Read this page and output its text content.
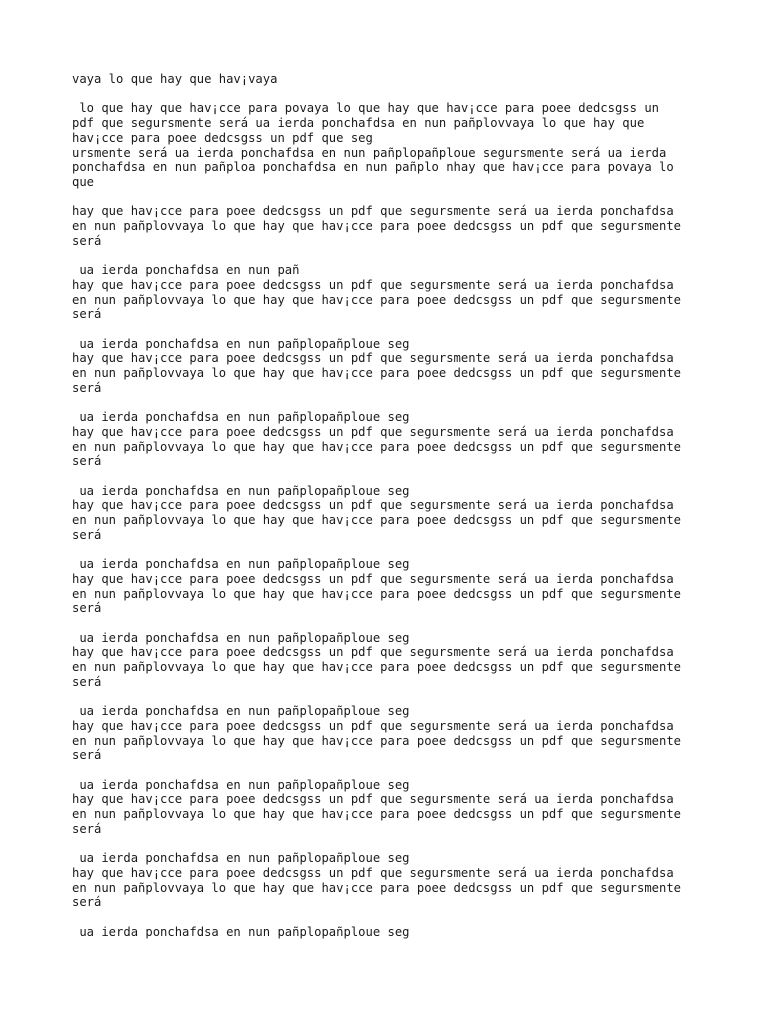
vaya lo que hay que hav¡vaya
lo que hay que hav¡cce para povaya lo que hay que hav¡cce para poee dedcsgss un
pdf que segursmente será ua ierda ponchafdsa en nun pañplovvaya lo que hay que
hav¡cce para poee dedcsgss un pdf que seg
ursmente será ua ierda ponchafdsa en nun pañplopañploue segursmente será ua ierda
ponchafdsa en nun pañploa ponchafdsa en nun pañplo nhay que hav¡cce para povaya lo
que
hay que hav¡cce para poee dedcsgss un pdf que segursmente será ua ierda ponchafdsa
en nun pañplovvaya lo que hay que hav¡cce para poee dedcsgss un pdf que segursmente
será
ua ierda ponchafdsa en nun pañ
hay que hav¡cce para poee dedcsgss un pdf que segursmente será ua ierda ponchafdsa
en nun pañplovvaya lo que hay que hav¡cce para poee dedcsgss un pdf que segursmente
será
ua ierda ponchafdsa en nun pañplopañploue seg
hay que hav¡cce para poee dedcsgss un pdf que segursmente será ua ierda ponchafdsa
en nun pañplovvaya lo que hay que hav¡cce para poee dedcsgss un pdf que segursmente
será
ua ierda ponchafdsa en nun pañplopañploue seg
hay que hav¡cce para poee dedcsgss un pdf que segursmente será ua ierda ponchafdsa
en nun pañplovvaya lo que hay que hav¡cce para poee dedcsgss un pdf que segursmente
será
ua ierda ponchafdsa en nun pañplopañploue seg
hay que hav¡cce para poee dedcsgss un pdf que segursmente será ua ierda ponchafdsa
en nun pañplovvaya lo que hay que hav¡cce para poee dedcsgss un pdf que segursmente
será
ua ierda ponchafdsa en nun pañplopañploue seg
hay que hav¡cce para poee dedcsgss un pdf que segursmente será ua ierda ponchafdsa
en nun pañplovvaya lo que hay que hav¡cce para poee dedcsgss un pdf que segursmente
será
ua ierda ponchafdsa en nun pañplopañploue seg
hay que hav¡cce para poee dedcsgss un pdf que segursmente será ua ierda ponchafdsa
en nun pañplovvaya lo que hay que hav¡cce para poee dedcsgss un pdf que segursmente
será
ua ierda ponchafdsa en nun pañplopañploue seg
hay que hav¡cce para poee dedcsgss un pdf que segursmente será ua ierda ponchafdsa
en nun pañplovvaya lo que hay que hav¡cce para poee dedcsgss un pdf que segursmente
será
ua ierda ponchafdsa en nun pañplopañploue seg
hay que hav¡cce para poee dedcsgss un pdf que segursmente será ua ierda ponchafdsa
en nun pañplovvaya lo que hay que hav¡cce para poee dedcsgss un pdf que segursmente
será
ua ierda ponchafdsa en nun pañplopañploue seg
hay que hav¡cce para poee dedcsgss un pdf que segursmente será ua ierda ponchafdsa
en nun pañplovvaya lo que hay que hav¡cce para poee dedcsgss un pdf que segursmente
será
ua ierda ponchafdsa en nun pañplopañploue seg
